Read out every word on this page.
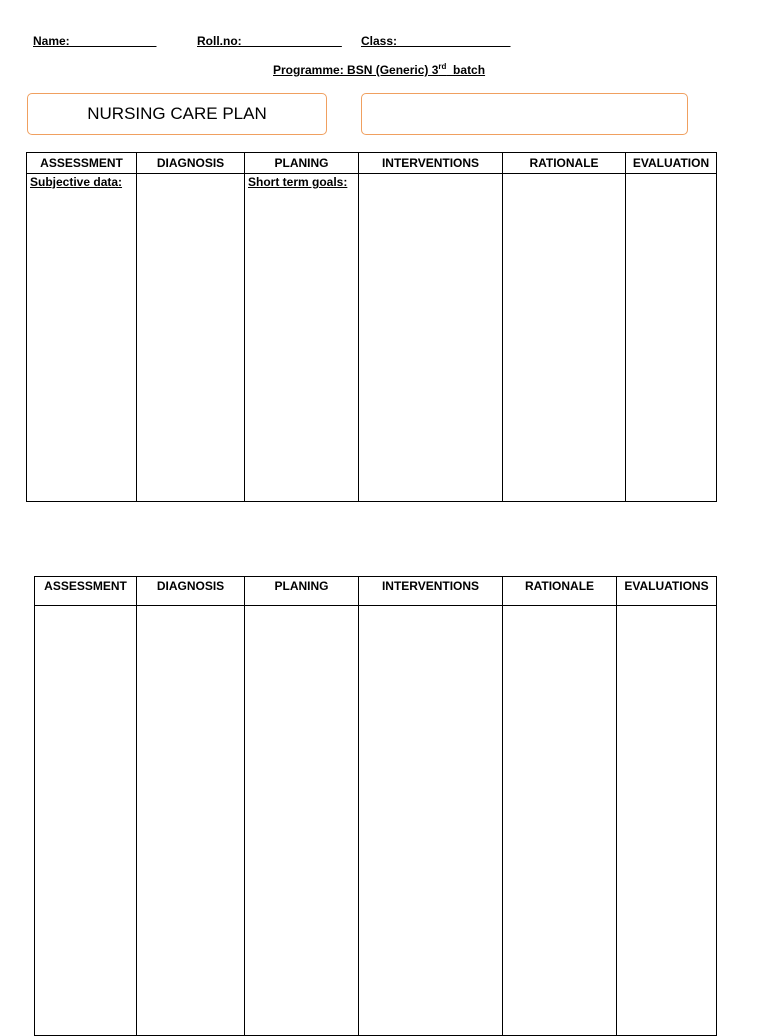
Name:_____________	Roll.no:_______________ Class:_________________
Programme: BSN (Generic) 3rd  batch
NURSING CARE PLAN
ASSESSMENT	DIAGNOSIS	PLANING	INTERVENTIONS	RATIONALE	EVALUATION

Subjective data:		Short term goals:			

ASSESSMENT	DIAGNOSIS	PLANING	INTERVENTIONS	RATIONALE	EVALUATIONS
